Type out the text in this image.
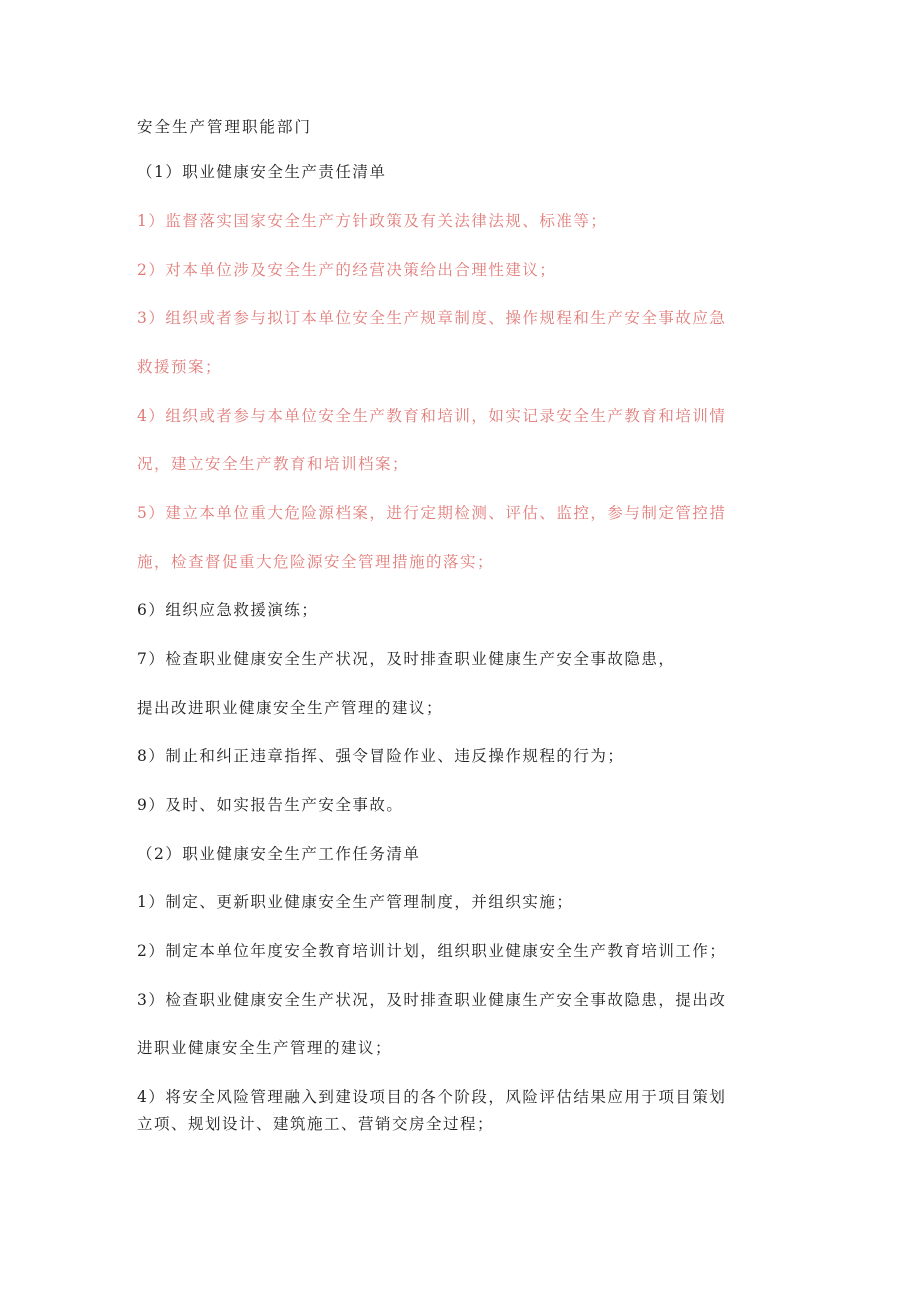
安全生产管理职能部门
（1）职业健康安全生产责任清单
1）监督落实国家安全生产方针政策及有关法律法规、标准等；
2）对本单位涉及安全生产的经营决策给出合理性建议；
3）组织或者参与拟订本单位安全生产规章制度、操作规程和生产安全事故应急
救援预案；
4）组织或者参与本单位安全生产教育和培训，如实记录安全生产教育和培训情
况，建立安全生产教育和培训档案；
5）建立本单位重大危险源档案，进行定期检测、评估、监控，参与制定管控措
施，检查督促重大危险源安全管理措施的落实；
6）组织应急救援演练；
7）检查职业健康安全生产状况，及时排查职业健康生产安全事故隐患，
提出改进职业健康安全生产管理的建议；
8）制止和纠正违章指挥、强令冒险作业、违反操作规程的行为；
9）及时、如实报告生产安全事故。
（2）职业健康安全生产工作任务清单
1）制定、更新职业健康安全生产管理制度，并组织实施；
2）制定本单位年度安全教育培训计划，组织职业健康安全生产教育培训工作；
3）检查职业健康安全生产状况，及时排查职业健康生产安全事故隐患，提出改
进职业健康安全生产管理的建议；
4）将安全风险管理融入到建设项目的各个阶段，风险评估结果应用于项目策划
立项、规划设计、建筑施工、营销交房全过程；
